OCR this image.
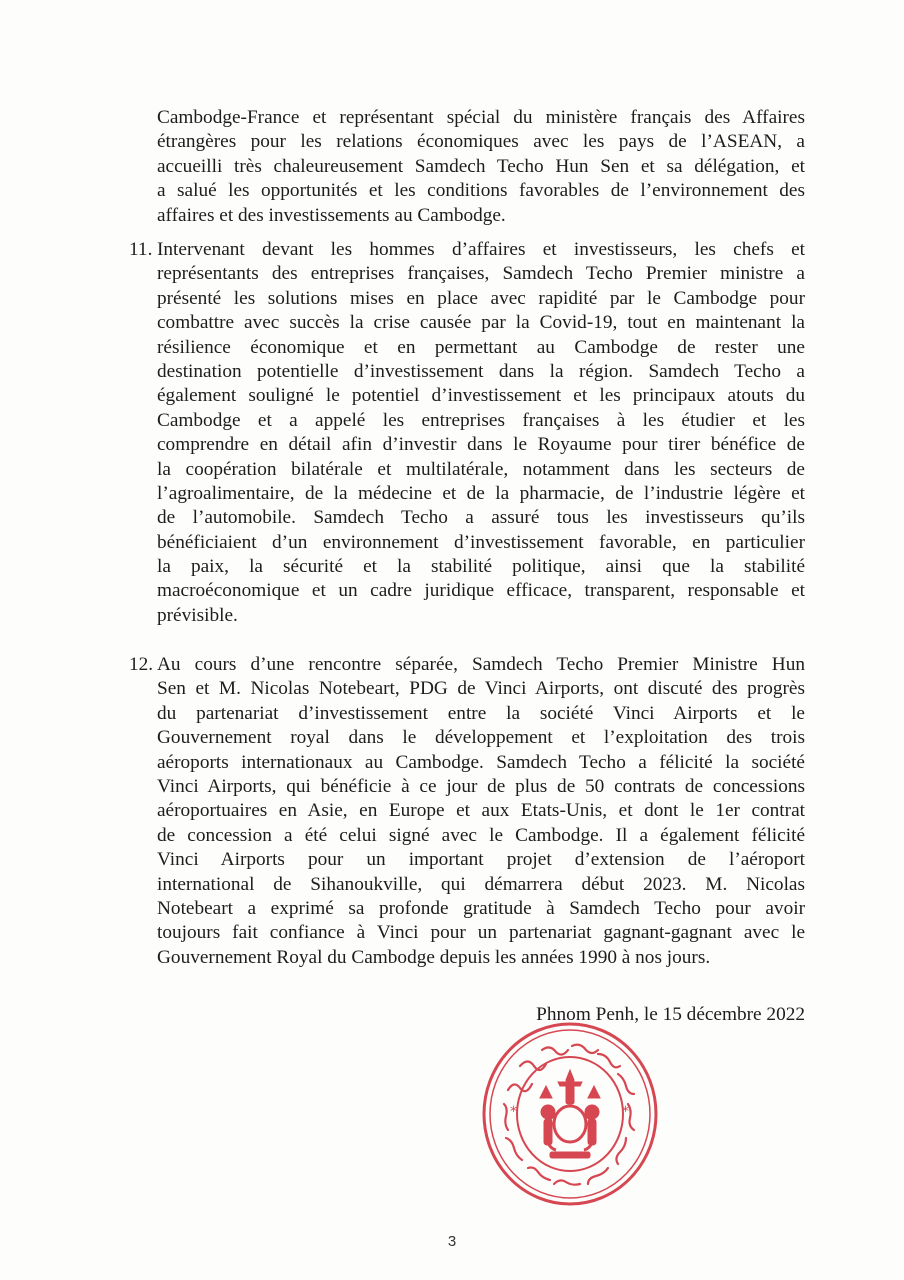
Cambodge-France et représentant spécial du ministère français des Affaires
étrangères pour les relations économiques avec les pays de l’ASEAN, a
accueilli très chaleureusement Samdech Techo Hun Sen et sa délégation, et
a salué les opportunités et les conditions favorables de l’environnement des
affaires et des investissements au Cambodge.
11. Intervenant devant les hommes d’affaires et investisseurs, les chefs et
représentants des entreprises françaises, Samdech Techo Premier ministre a
présenté les solutions mises en place avec rapidité par le Cambodge pour
combattre avec succès la crise causée par la Covid-19, tout en maintenant la
résilience économique et en permettant au Cambodge de rester une
destination potentielle d’investissement dans la région. Samdech Techo a
également souligné le potentiel d’investissement et les principaux atouts du
Cambodge et a appelé les entreprises françaises à les étudier et les
comprendre en détail afin d’investir dans le Royaume pour tirer bénéfice de
la coopération bilatérale et multilatérale, notamment dans les secteurs de
l’agroalimentaire, de la médecine et de la pharmacie, de l’industrie légère et
de l’automobile. Samdech Techo a assuré tous les investisseurs qu’ils
bénéficiaient d’un environnement d’investissement favorable, en particulier
la paix, la sécurité et la stabilité politique, ainsi que la stabilité
macroéconomique et un cadre juridique efficace, transparent, responsable et
prévisible.
12. Au cours d’une rencontre séparée, Samdech Techo Premier Ministre Hun
Sen et M. Nicolas Notebeart, PDG de Vinci Airports, ont discuté des progrès
du partenariat d’investissement entre la société Vinci Airports et le
Gouvernement royal dans le développement et l’exploitation des trois
aéroports internationaux au Cambodge. Samdech Techo a félicité la société
Vinci Airports, qui bénéficie à ce jour de plus de 50 contrats de concessions
aéroportuaires en Asie, en Europe et aux Etats-Unis, et dont le 1er contrat
de concession a été celui signé avec le Cambodge. Il a également félicité
Vinci Airports pour un important projet d’extension de l’aéroport
international de Sihanoukville, qui démarrera début 2023. M. Nicolas
Notebeart a exprimé sa profonde gratitude à Samdech Techo pour avoir
toujours fait confiance à Vinci pour un partenariat gagnant-gagnant avec le
Gouvernement Royal du Cambodge depuis les années 1990 à nos jours.
Phnom Penh, le 15 décembre 2022
*	*
3
